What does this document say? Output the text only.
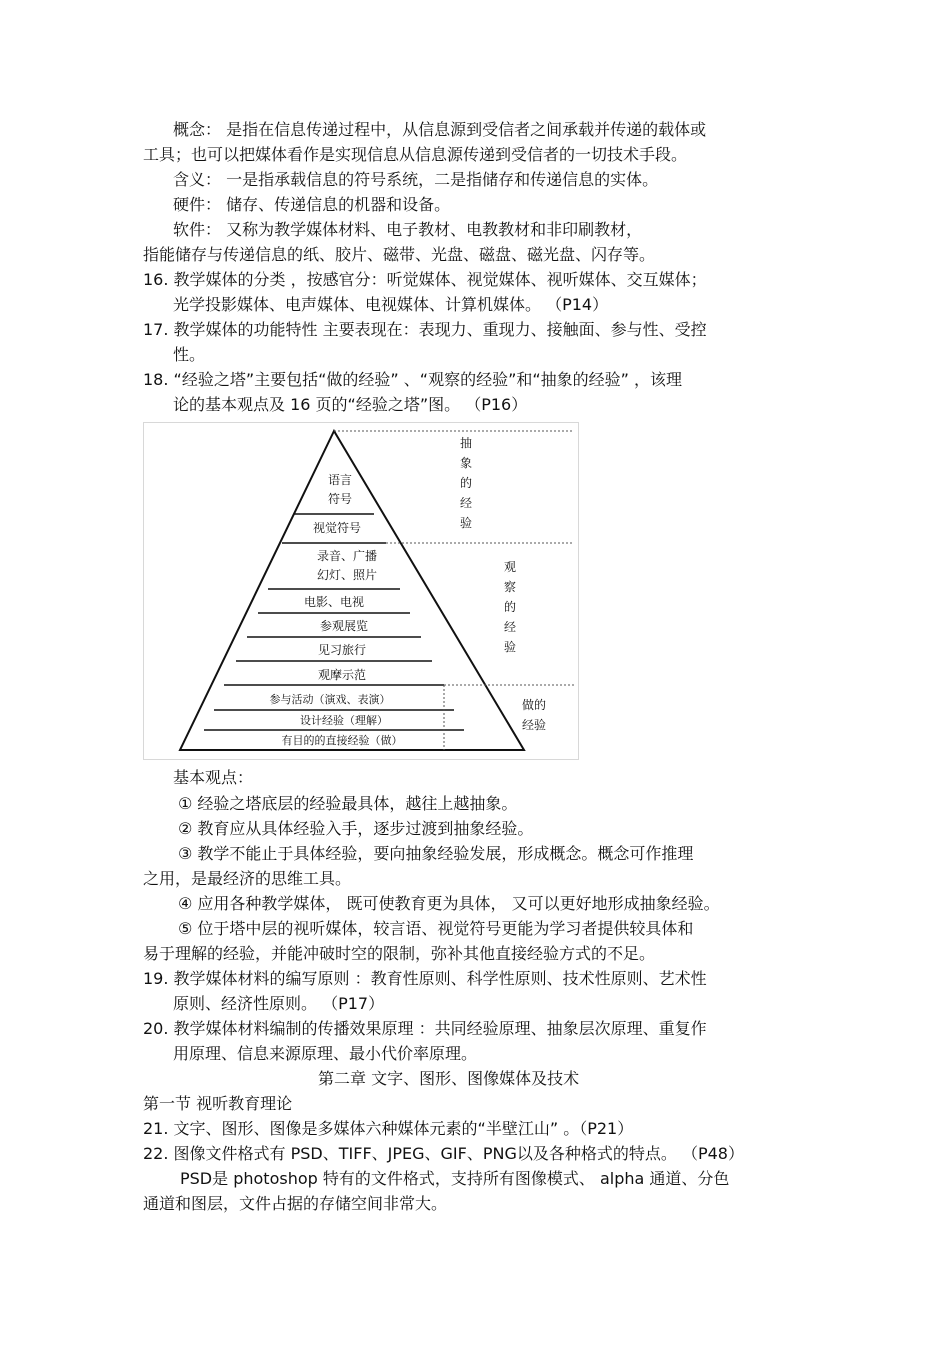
概念： 是指在信息传递过程中，从信息源到受信者之间承载并传递的载体或
工具；也可以把媒体看作是实现信息从信息源传递到受信者的一切技术手段。
含义： 一是指承载信息的符号系统，二是指储存和传递信息的实体。
硬件： 储存、传递信息的机器和设备。
软件： 又称为教学媒体材料、电子教材、电教教材和非印刷教材，
指能储存与传递信息的纸、胶片、磁带、光盘、磁盘、磁光盘、闪存等。
16. 教学媒体的分类 ，按感官分：听觉媒体、视觉媒体、视听媒体、交互媒体；
光学投影媒体、电声媒体、电视媒体、计算机媒体。 （P14）
17. 教学媒体的功能特性 主要表现在：表现力、重现力、接触面、参与性、受控
性。
18. “经验之塔”主要包括“做的经验” 、“观察的经验”和“抽象的经验” ，该理
论的基本观点及 16 页的“经验之塔”图。 （P16）
语言
符号
视觉符号
录音、广播
幻灯、照片
电影、电视
参观展览
见习旅行
观摩示范
参与活动（演戏、表演）
设计经验（理解）
有目的的直接经验（做）
抽
象
的
经
验
观
察
的
经
验
做的
经验
基本观点：
① 经验之塔底层的经验最具体，越往上越抽象。
② 教育应从具体经验入手，逐步过渡到抽象经验。
③ 教学不能止于具体经验，要向抽象经验发展，形成概念。概念可作推理
之用，是最经济的思维工具。
④ 应用各种教学媒体， 既可使教育更为具体， 又可以更好地形成抽象经验。
⑤ 位于塔中层的视听媒体，较言语、视觉符号更能为学习者提供较具体和
易于理解的经验，并能冲破时空的限制，弥补其他直接经验方式的不足。
19. 教学媒体材料的编写原则 ：教育性原则、科学性原则、技术性原则、艺术性
原则、经济性原则。 （P17）
20. 教学媒体材料编制的传播效果原理 ：共同经验原理、抽象层次原理、重复作
用原理、信息来源原理、最小代价率原理。
第二章 文字、图形、图像媒体及技术
第一节 视听教育理论
21. 文字、图形、图像是多媒体六种媒体元素的“半壁江山” 。（P21）
22. 图像文件格式有 PSD、TIFF、JPEG、GIF、PNG以及各种格式的特点。 （P48）
PSD是 photoshop 特有的文件格式，支持所有图像模式、 alpha 通道、分色
通道和图层，文件占据的存储空间非常大。
